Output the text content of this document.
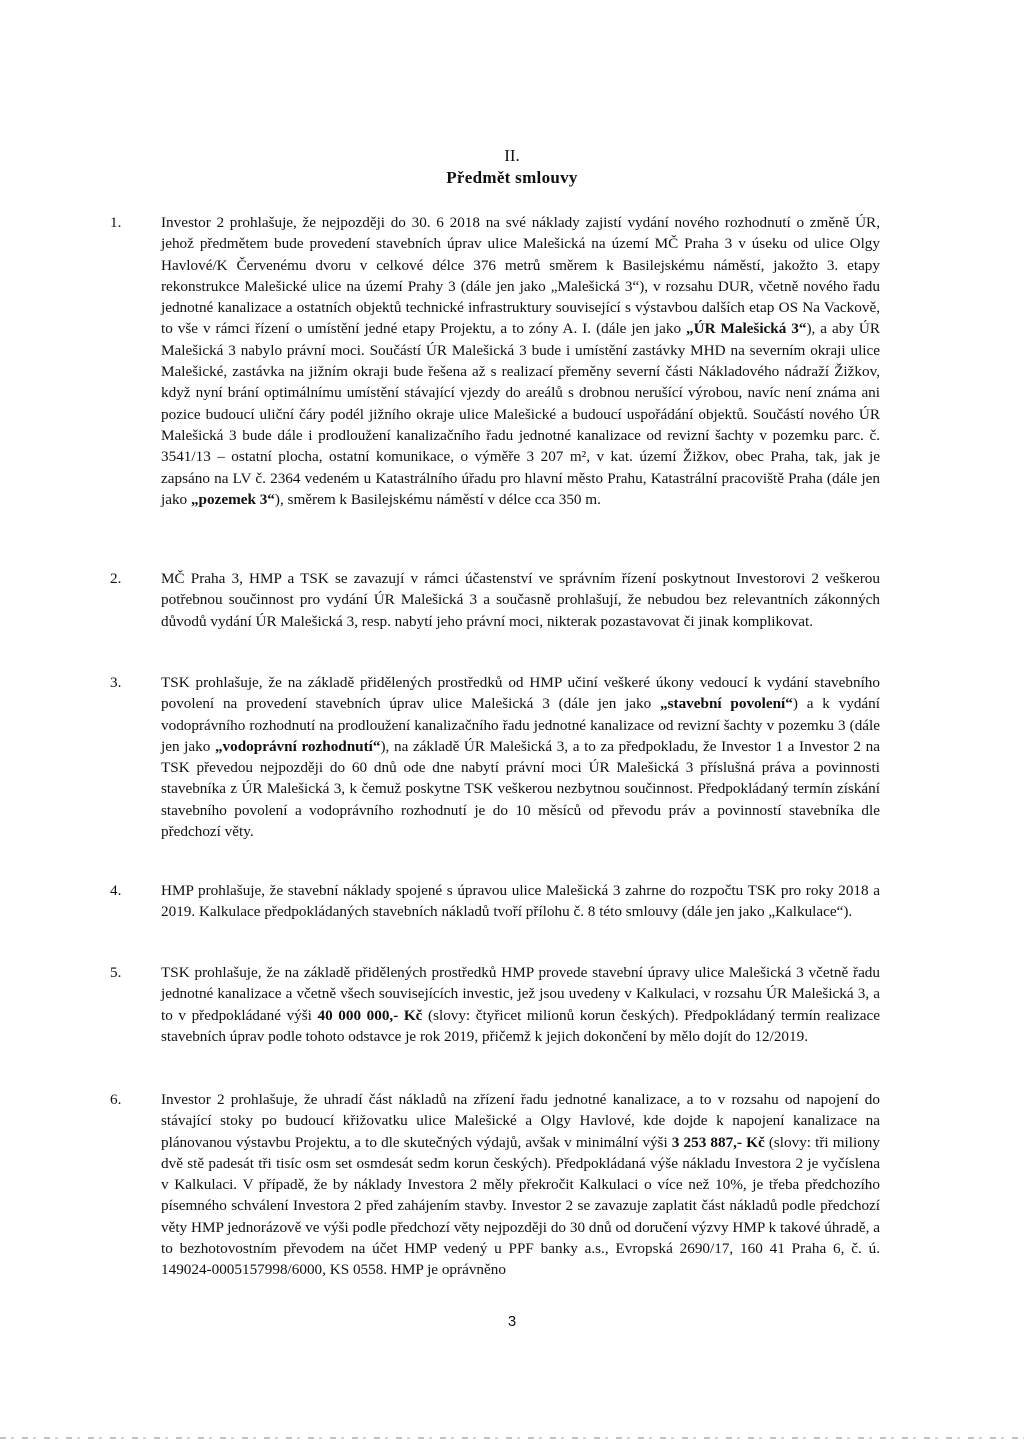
II.
Předmět smlouvy
1.	Investor 2 prohlašuje, že nejpozději do 30. 6 2018 na své náklady zajistí vydání nového rozhodnutí o změně ÚR, jehož předmětem bude provedení stavebních úprav ulice Malešická na území MČ Praha 3 v úseku od ulice Olgy Havlové/K Červenému dvoru v celkové délce 376 metrů směrem k Basilejskému náměstí, jakožto 3. etapy rekonstrukce Malešické ulice na území Prahy 3 (dále jen jako „Malešická 3“), v rozsahu DUR, včetně nového řadu jednotné kanalizace a ostatních objektů technické infrastruktury související s výstavbou dalších etap OS Na Vackově, to vše v rámci řízení o umístění jedné etapy Projektu, a to zóny A. I. (dále jen jako „ÚR Malešická 3“), a aby ÚR Malešická 3 nabylo právní moci. Součástí ÚR Malešická 3 bude i umístění zastávky MHD na severním okraji ulice Malešické, zastávka na jižním okraji bude řešena až s realizací přeměny severní části Nákladového nádraží Žižkov, když nyní brání optimálnímu umístění stávající vjezdy do areálů s drobnou nerušící výrobou, navíc není známa ani pozice budoucí uliční čáry podél jižního okraje ulice Malešické a budoucí uspořádání objektů. Součástí nového ÚR Malešická 3 bude dále i prodloužení kanalizačního řadu jednotné kanalizace od revizní šachty v pozemku parc. č. 3541/13 – ostatní plocha, ostatní komunikace, o výměře 3 207 m², v kat. území Žižkov, obec Praha, tak, jak je zapsáno na LV č. 2364 vedeném u Katastrálního úřadu pro hlavní město Prahu, Katastrální pracoviště Praha (dále jen jako „pozemek 3“), směrem k Basilejskému náměstí v délce cca 350 m.
2.	MČ Praha 3, HMP a TSK se zavazují v rámci účastenství ve správním řízení poskytnout Investorovi 2 veškerou potřebnou součinnost pro vydání ÚR Malešická 3 a současně prohlašují, že nebudou bez relevantních zákonných důvodů vydání ÚR Malešická 3, resp. nabytí jeho právní moci, nikterak pozastavovat či jinak komplikovat.
3.	TSK prohlašuje, že na základě přidělených prostředků od HMP učiní veškeré úkony vedoucí k vydání stavebního povolení na provedení stavebních úprav ulice Malešická 3 (dále jen jako „stavební povolení“) a k vydání vodoprávního rozhodnutí na prodloužení kanalizačního řadu jednotné kanalizace od revizní šachty v pozemku 3 (dále jen jako „vodoprávní rozhodnutí“), na základě ÚR Malešická 3, a to za předpokladu, že Investor 1 a Investor 2 na TSK převedou nejpozději do 60 dnů ode dne nabytí právní moci ÚR Malešická 3 příslušná práva a povinnosti stavebníka z ÚR Malešická 3, k čemuž poskytne TSK veškerou nezbytnou součinnost. Předpokládaný termín získání stavebního povolení a vodoprávního rozhodnutí je do 10 měsíců od převodu práv a povinností stavebníka dle předchozí věty.
4.	HMP prohlašuje, že stavební náklady spojené s úpravou ulice Malešická 3 zahrne do rozpočtu TSK pro roky 2018 a 2019. Kalkulace předpokládaných stavebních nákladů tvoří přílohu č. 8 této smlouvy (dále jen jako „Kalkulace“).
5.	TSK prohlašuje, že na základě přidělených prostředků HMP provede stavební úpravy ulice Malešická 3 včetně řadu jednotné kanalizace a včetně všech souvisejících investic, jež jsou uvedeny v Kalkulaci, v rozsahu ÚR Malešická 3, a to v předpokládané výši 40 000 000,- Kč (slovy: čtyřicet milionů korun českých). Předpokládaný termín realizace stavebních úprav podle tohoto odstavce je rok 2019, přičemž k jejich dokončení by mělo dojít do 12/2019.
6.	Investor 2 prohlašuje, že uhradí část nákladů na zřízení řadu jednotné kanalizace, a to v rozsahu od napojení do stávající stoky po budoucí křižovatku ulice Malešické a Olgy Havlové, kde dojde k napojení kanalizace na plánovanou výstavbu Projektu, a to dle skutečných výdajů, avšak v minimální výši 3 253 887,- Kč (slovy: tři miliony dvě stě padesát tři tisíc osm set osmdesát sedm korun českých). Předpokládaná výše nákladu Investora 2 je vyčíslena v Kalkulaci. V případě, že by náklady Investora 2 měly překročit Kalkulaci o více než 10%, je třeba předchozího písemného schválení Investora 2 před zahájením stavby. Investor 2 se zavazuje zaplatit část nákladů podle předchozí věty HMP jednorázově ve výši podle předchozí věty nejpozději do 30 dnů od doručení výzvy HMP k takové úhradě, a to bezhotovostním převodem na účet HMP vedený u PPF banky a.s., Evropská 2690/17, 160 41 Praha 6, č. ú. 149024-0005157998/6000, KS 0558. HMP je oprávněno
3
